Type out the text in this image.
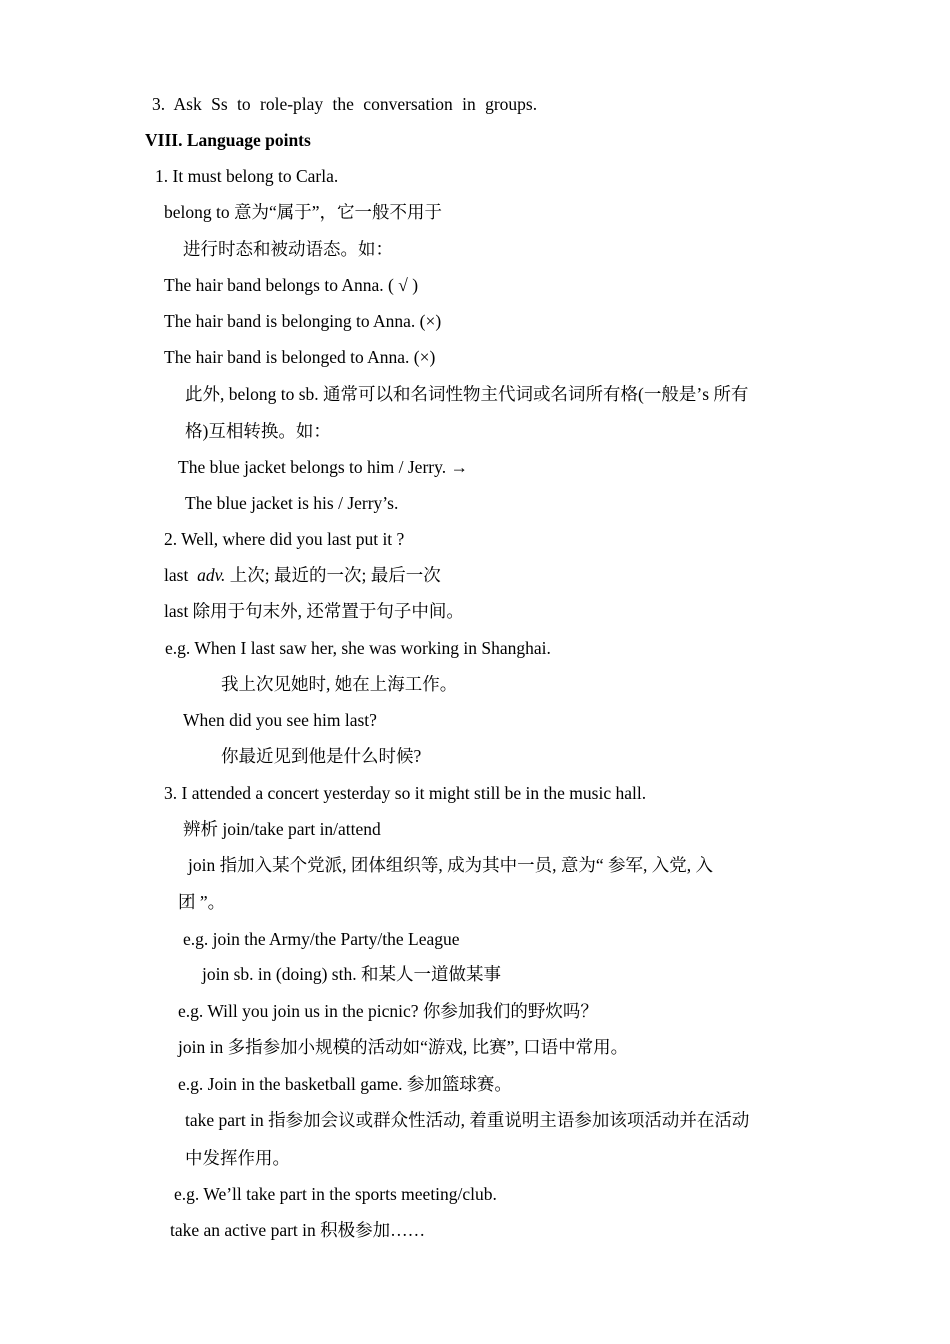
3. Ask Ss to role-play the conversation in groups.
VIII. Language points
1. It must belong to Carla.
belong to 意为“属于”，它一般不用于
进行时态和被动语态。如：
The hair band belongs to Anna. ( √ )
The hair band is belonging to Anna. (×)
The hair band is belonged to Anna. (×)
此外, belong to sb. 通常可以和名词性物主代词或名词所有格(一般是’s 所有
格)互相转换。如：
The blue jacket belongs to him / Jerry. →
The blue jacket is his / Jerry’s.
2. Well, where did you last put it ?
last adv. 上次; 最近的一次; 最后一次
last 除用于句末外, 还常置于句子中间。
e.g. When I last saw her, she was working in Shanghai.
我上次见她时, 她在上海工作。
When did you see him last?
你最近见到他是什么时候?
3. I attended a concert yesterday so it might still be in the music hall.
辨析 join/take part in/attend
join 指加入某个党派, 团体组织等, 成为其中一员, 意为“ 参军, 入党, 入
团 ”。
e.g. join the Army/the Party/the League
join sb. in (doing) sth. 和某人一道做某事
e.g. Will you join us in the picnic? 你参加我们的野炊吗？
join in 多指参加小规模的活动如“游戏, 比赛”, 口语中常用。
e.g. Join in the basketball game. 参加篮球赛。
take part in 指参加会议或群众性活动, 着重说明主语参加该项活动并在活动
中发挥作用。
e.g. We’ll take part in the sports meeting/club.
take an active part in 积极参加……
